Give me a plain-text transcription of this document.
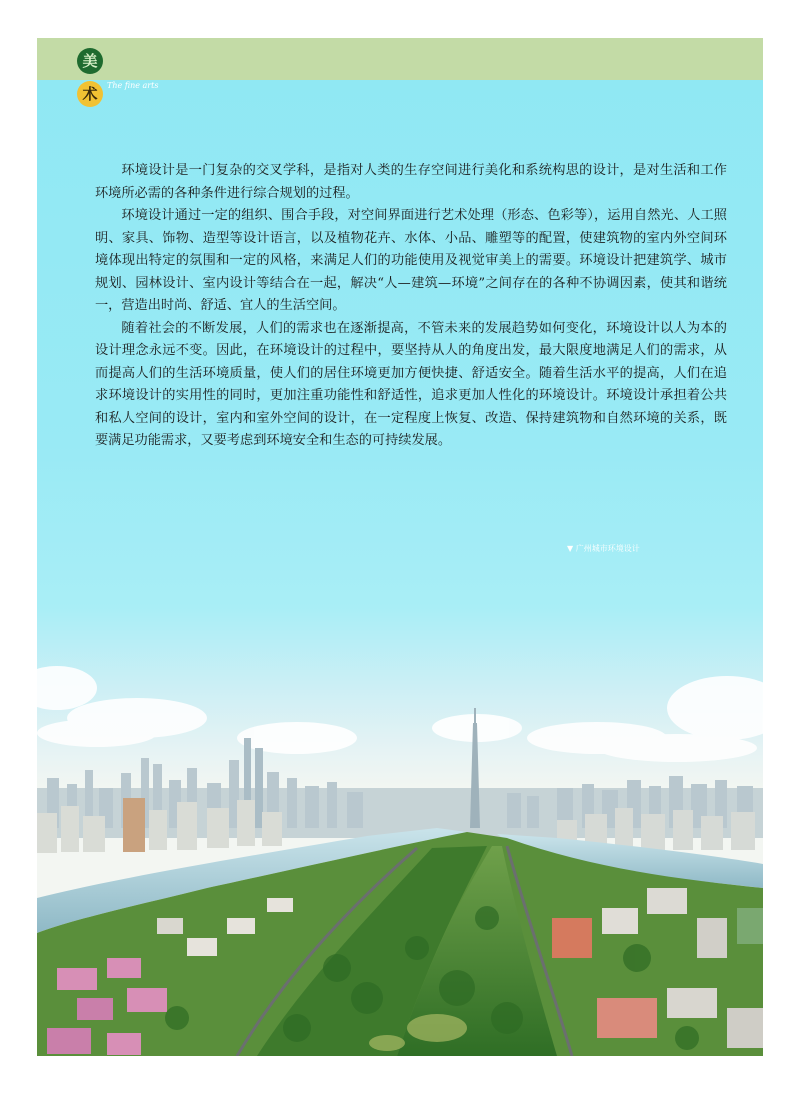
美
术	The fine arts

环境设计是一门复杂的交叉学科，是指对人类的生存空间进行美化和系统构思的设计，是对生活和工作环境所必需的各种条件进行综合规划的过程。

环境设计通过一定的组织、围合手段，对空间界面进行艺术处理（形态、色彩等），运用自然光、人工照明、家具、饰物、造型等设计语言，以及植物花卉、水体、小品、雕塑等的配置，使建筑物的室内外空间环境体现出特定的氛围和一定的风格，来满足人们的功能使用及视觉审美上的需要。环境设计把建筑学、城市规划、园林设计、室内设计等结合在一起，解决“人—建筑—环境”之间存在的各种不协调因素，使其和谐统一，营造出时尚、舒适、宜人的生活空间。

随着社会的不断发展，人们的需求也在逐渐提高，不管未来的发展趋势如何变化，环境设计以人为本的设计理念永远不变。因此，在环境设计的过程中，要坚持从人的角度出发，最大限度地满足人们的需求，从而提高人们的生活环境质量，使人们的居住环境更加方便快捷、舒适安全。随着生活水平的提高，人们在追求环境设计的实用性的同时，更加注重功能性和舒适性，追求更加人性化的环境设计。环境设计承担着公共和私人空间的设计，室内和室外空间的设计，在一定程度上恢复、改造、保持建筑物和自然环境的关系，既要满足功能需求，又要考虑到环境安全和生态的可持续发展。

▼ 广州城市环境设计
